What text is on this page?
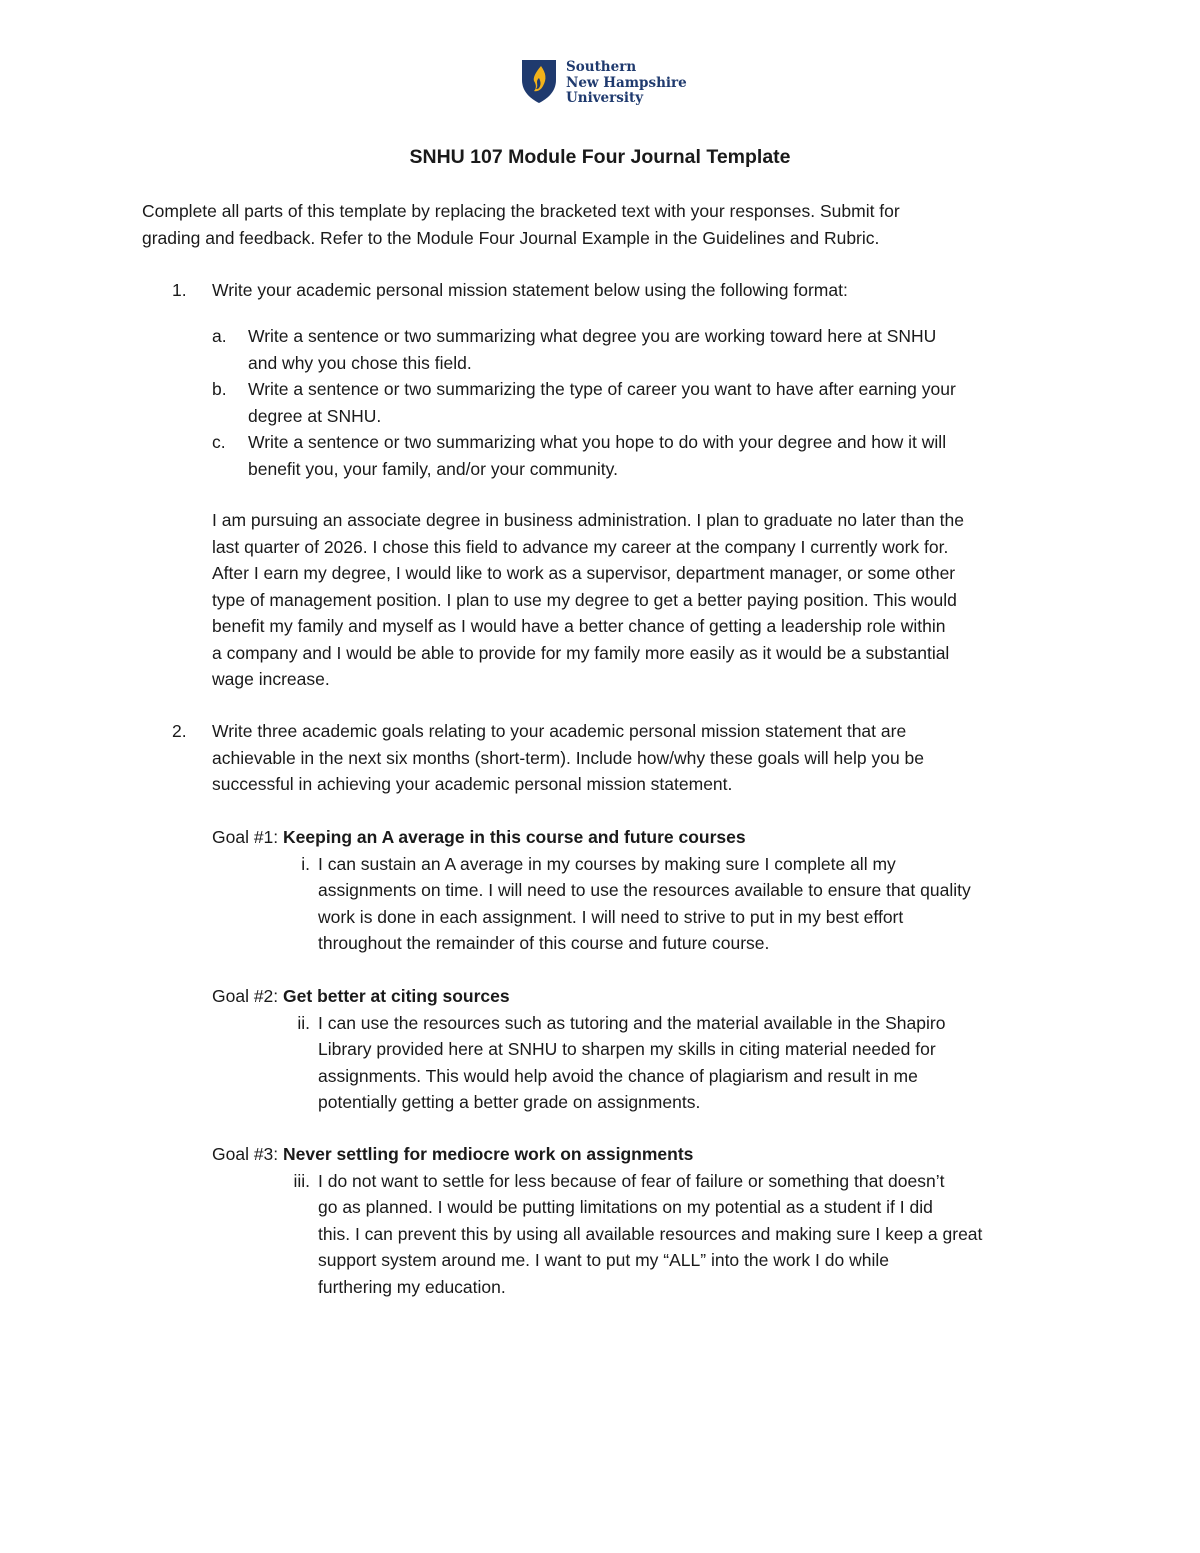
Southern
New Hampshire
University
SNHU 107 Module Four Journal Template

Complete all parts of this template by replacing the bracketed text with your responses. Submit for

grading and feedback. Refer to the Module Four Journal Example in the Guidelines and Rubric.

1. Write your academic personal mission statement below using the following format:
a. Write a sentence or two summarizing what degree you are working toward here at SNHU
and why you chose this field.
b. Write a sentence or two summarizing the type of career you want to have after earning your
degree at SNHU.
c. Write a sentence or two summarizing what you hope to do with your degree and how it will
benefit you, your family, and/or your community.
I am pursuing an associate degree in business administration. I plan to graduate no later than the
last quarter of 2026. I chose this field to advance my career at the company I currently work for.
After I earn my degree, I would like to work as a supervisor, department manager, or some other
type of management position. I plan to use my degree to get a better paying position. This would
benefit my family and myself as I would have a better chance of getting a leadership role within
a company and I would be able to provide for my family more easily as it would be a substantial
wage increase.
2. Write three academic goals relating to your academic personal mission statement that are
achievable in the next six months (short-term). Include how/why these goals will help you be
successful in achieving your academic personal mission statement.
Goal #1: Keeping an A average in this course and future courses
i. I can sustain an A average in my courses by making sure I complete all my
assignments on time. I will need to use the resources available to ensure that quality
work is done in each assignment. I will need to strive to put in my best effort
throughout the remainder of this course and future course.
Goal #2: Get better at citing sources
ii. I can use the resources such as tutoring and the material available in the Shapiro
Library provided here at SNHU to sharpen my skills in citing material needed for
assignments. This would help avoid the chance of plagiarism and result in me
potentially getting a better grade on assignments.
Goal #3: Never settling for mediocre work on assignments
iii. I do not want to settle for less because of fear of failure or something that doesn’t
go as planned. I would be putting limitations on my potential as a student if I did
this. I can prevent this by using all available resources and making sure I keep a great
support system around me. I want to put my “ALL” into the work I do while
furthering my education.
